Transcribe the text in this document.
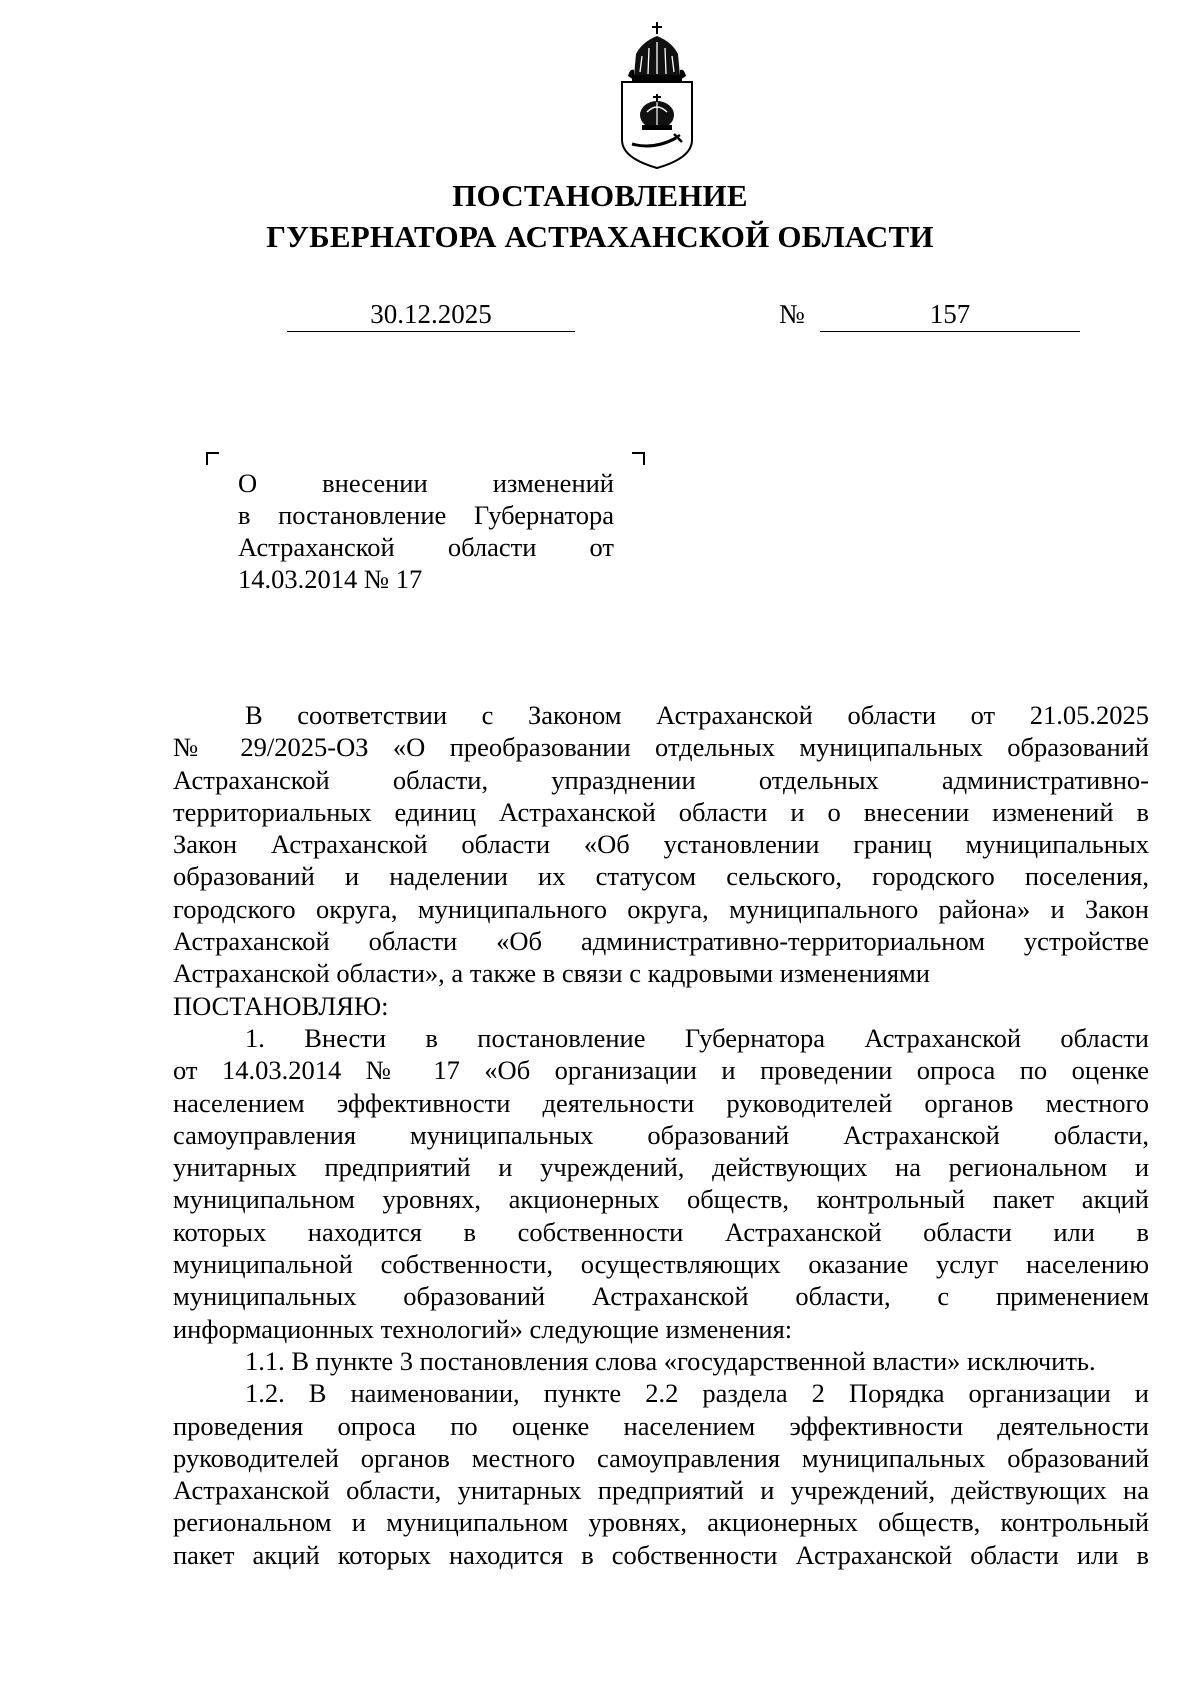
ПОСТАНОВЛЕНИЕ
ГУБЕРНАТОРА АСТРАХАНСКОЙ ОБЛАСТИ
30.12.2025	№	157
О внесении изменений
в постановление Губернатора
Астраханской области от
14.03.2014 № 17
В соответствии с Законом Астраханской области от 21.05.2025
№ 29/2025-ОЗ «О преобразовании отдельных муниципальных образований
Астраханской области, упразднении отдельных административно-
территориальных единиц Астраханской области и о внесении изменений в
Закон Астраханской области «Об установлении границ муниципальных
образований и наделении их статусом сельского, городского поселения,
городского округа, муниципального округа, муниципального района» и Закон
Астраханской области «Об административно-территориальном устройстве
Астраханской области», а также в связи с кадровыми изменениями
ПОСТАНОВЛЯЮ:
1. Внести в постановление Губернатора Астраханской области
от 14.03.2014 № 17 «Об организации и проведении опроса по оценке
населением эффективности деятельности руководителей органов местного
самоуправления муниципальных образований Астраханской области,
унитарных предприятий и учреждений, действующих на региональном и
муниципальном уровнях, акционерных обществ, контрольный пакет акций
которых находится в собственности Астраханской области или в
муниципальной собственности, осуществляющих оказание услуг населению
муниципальных образований Астраханской области, с применением
информационных технологий» следующие изменения:
1.1. В пункте 3 постановления слова «государственной власти» исключить.
1.2. В наименовании, пункте 2.2 раздела 2 Порядка организации и
проведения опроса по оценке населением эффективности деятельности
руководителей органов местного самоуправления муниципальных образований
Астраханской области, унитарных предприятий и учреждений, действующих на
региональном и муниципальном уровнях, акционерных обществ, контрольный
пакет акций которых находится в собственности Астраханской области или в
